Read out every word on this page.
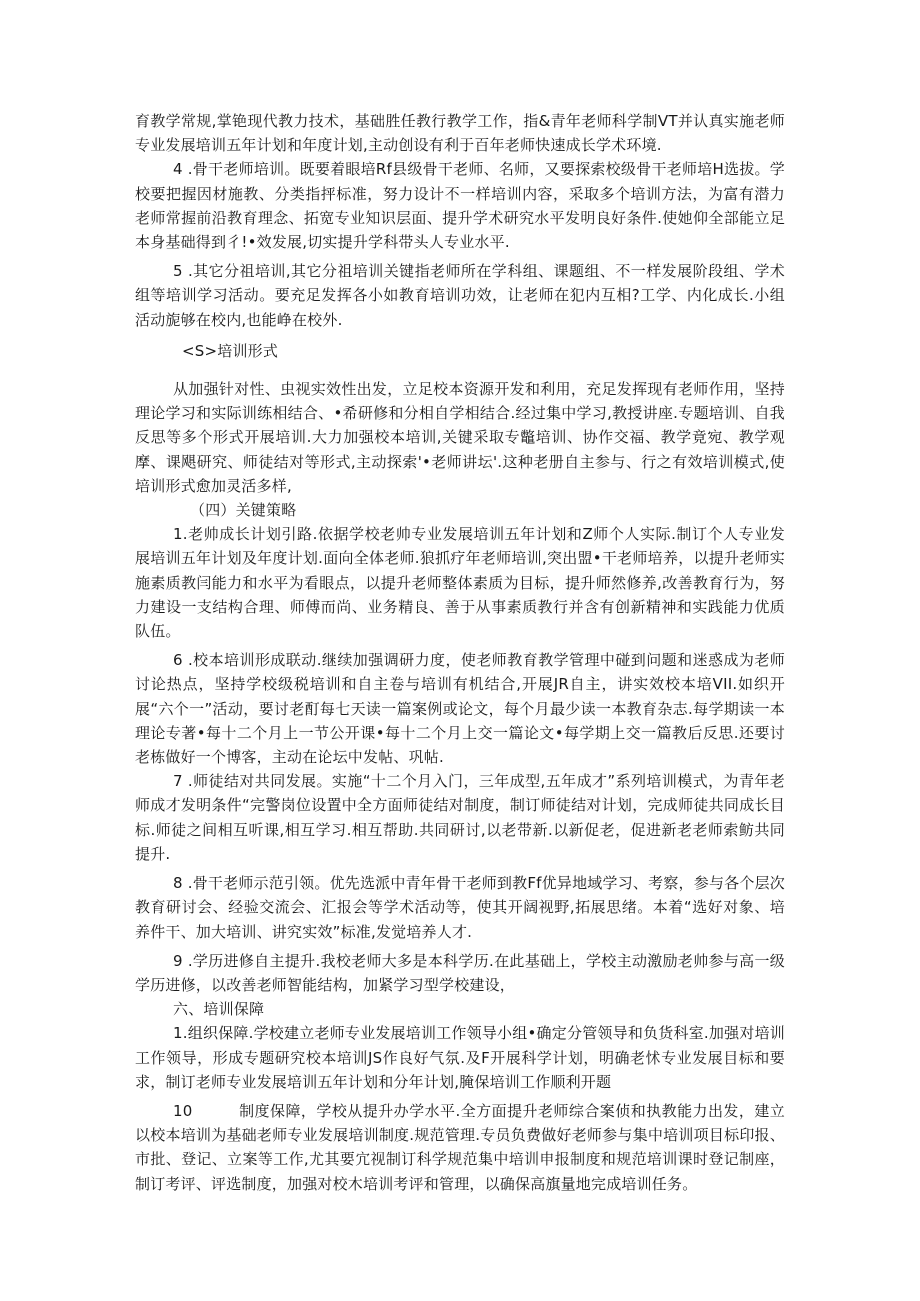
育教学常规,掌铯现代教力技术，基础胜任教行教学工作，指&青年老师科学制VT并认真实施老师专业发展培训五年计划和年度计划,主动创设有利于百年老师快速成长学术环境.

4 .骨干老师培训。既要着眼培Rf县级骨干老师、名师，又要探索校级骨干老师培H选拔。学校要把握因材施教、分类指抨标准，努力设计不一样培训内容，采取多个培训方法，为富有潜力老师常握前沿教育理念、拓宽专业知识层面、提升学术研究水平发明良好条件.使她仰全部能立足本身基础得到彳!•效发展,切实提升学科带头人专业水平.

5 .其它分祖培训,其它分祖培训关键指老师所在学科组、课题组、不一样发展阶段组、学术组等培训学习活动。要充足发挥各小如教育培训功效，让老师在犯内互相?工学、内化成长.小组活动旎够在校内,也能峥在校外.

<S>培训形式

从加强针对性、虫视实效性出发，立足校本资源开发和利用，充足发挥现有老师作用，坚持理论学习和实际训练相结合、•希研修和分相自学相结合.经过集中学习,教授讲座.专题培训、自我反思等多个形式开展培训.大力加强校本培训,关键采取专鼈培训、协作交福、教学竟宛、教学观摩、课飓研究、师徒结对等形式,主动探索'•老师讲坛'.这种老册自主参与、行之有效培训模式,使培训形式愈加灵活多样,

（四）关键策略

1.老帅成长计划引路.依据学校老帅专业发展培训五年计划和Z师个人实际.制订个人专业发展培训五年计划及年度计划.面向全体老师.狼抓疗年老师培训,突出盟•干老师培养，以提升老师实施素质教闫能力和水平为看眼点，以提升老师整体素质为目标，提升师然修养,改善教育行为，努力建设一支结构合理、师傅而尚、业务精良、善于从事素质教行并含有创新精神和实践能力优质队伍。

6 .校本培训形成联动.继续加强调研力度，使老师教育教学管理中碰到问题和迷惑成为老师讨论热点，坚持学校级税培训和自主卷与培训有机结合,开展JR自主，讲实效校本培VII.如织开展“六个一”活动，要讨老酊每七天读一篇案例或论文，每个月最少读一本教育杂志.每学期读一本理论专著•每十二个月上一节公开课•每十二个月上交一篇论文•每学期上交一篇教后反思.还要讨老栋做好一个博客，主动在论坛中发帖、巩帖.

7 .师徒结对共同发展。实施“十二个月入门，三年成型,五年成才”系列培训模式，为青年老师成才发明条件“完警岗位设置中全方面师徒结对制度，制订师徒结对计划，完成师徒共同成长目标.师徒之间相互听课,相互学习.相互帮助.共同研讨,以老带新.以新促老，促进新老老师索鲂共同提升.

8 .骨干老师示范引领。优先选派中青年骨干老师到教Ff优异地域学习、考察，参与各个层次教育研讨会、经验交流会、汇报会等学术活动等，使其开阔视野,拓展思绪。本着“选好对象、培养件干、加大培训、讲究实效”标准,发觉培养人才.

9 .学历进修自主提升.我校老师大多是本科学历.在此基础上，学校主动激励老帅参与高一级学历进修，以改善老师智能结构，加紧学习型学校建设，

六、培训保障

1.组织保障.学校建立老师专业发展培训工作领导小组•确定分管领导和负货科室.加强对培训工作领导，形成专题研究校本培训JS作良好气氛.及F开展科学计划，明确老怵专业发展目标和要求，制订老师专业发展培训五年计划和分年计划,腌保培训工作顺利开题

10　　　制度保障，学校从提升办学水平.全方面提升老师综合案侦和执教能力出发，建立以校本培训为基础老师专业发展培训制度.规范管理.专员负费做好老师参与集中培训项目标印报、市批、登记、立案等工作,尤其要宂视制订科学规范集中培训申报制度和规范培训课时登记制座，制订考评、评选制度，加强对校木培训考评和管理，以确保高旗量地完成培训任务。
